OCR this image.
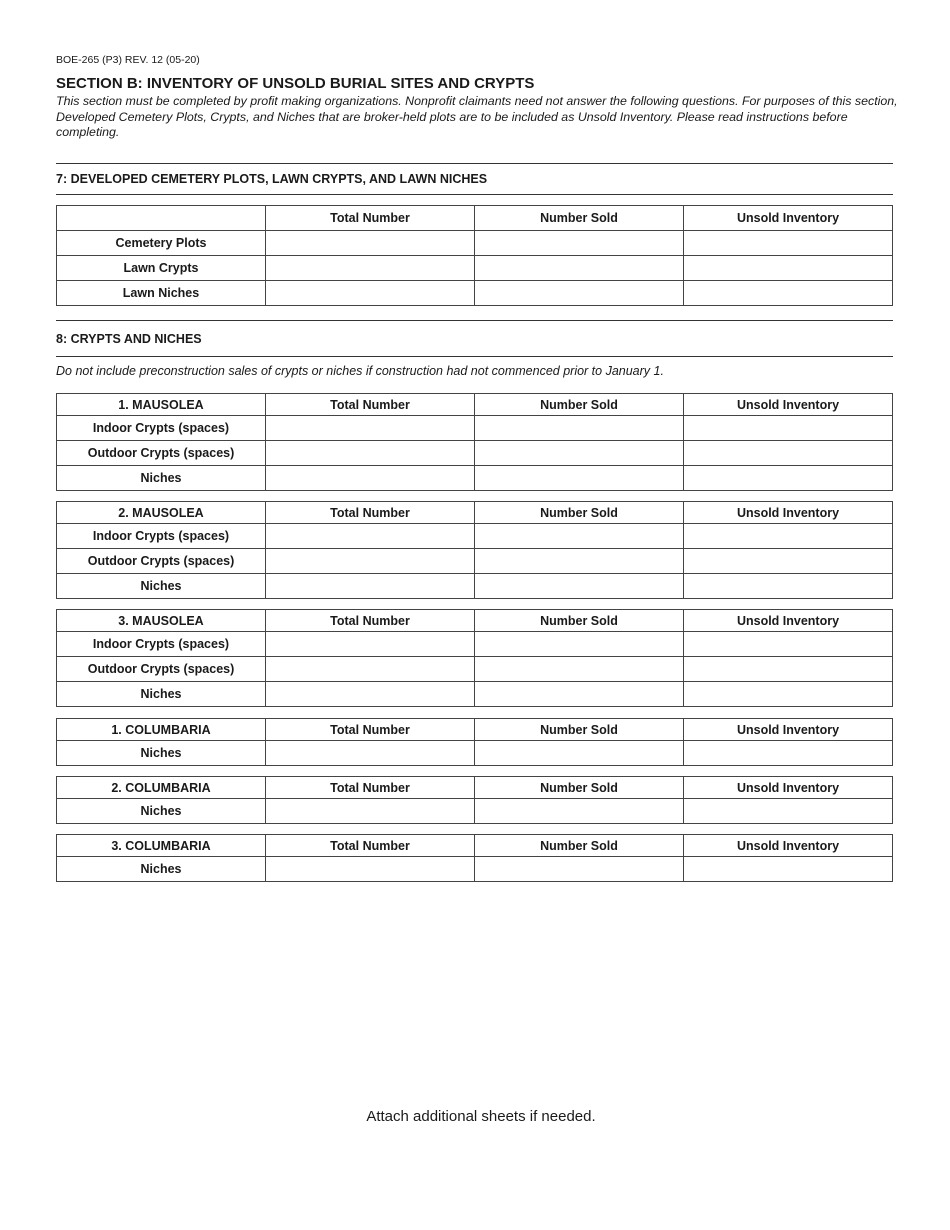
BOE-265 (P3) REV. 12 (05-20)
SECTION B: INVENTORY OF UNSOLD BURIAL SITES AND CRYPTS
This section must be completed by profit making organizations. Nonprofit claimants need not answer the following questions. For purposes of this section, Developed Cemetery Plots, Crypts, and Niches that are broker-held plots are to be included as Unsold Inventory. Please read instructions before completing.
7: DEVELOPED CEMETERY PLOTS, LAWN CRYPTS, AND LAWN NICHES
	Total Number	Number Sold	Unsold Inventory
Cemetery Plots			
Lawn Crypts			
Lawn Niches			
8: CRYPTS AND NICHES
Do not include preconstruction sales of crypts or niches if construction had not commenced prior to January 1.
1. MAUSOLEA	Total Number	Number Sold	Unsold Inventory
Indoor Crypts (spaces)			
Outdoor Crypts (spaces)			
Niches			
2. MAUSOLEA	Total Number	Number Sold	Unsold Inventory
Indoor Crypts (spaces)			
Outdoor Crypts (spaces)			
Niches			
3. MAUSOLEA	Total Number	Number Sold	Unsold Inventory
Indoor Crypts (spaces)			
Outdoor Crypts (spaces)			
Niches			
1. COLUMBARIA	Total Number	Number Sold	Unsold Inventory
Niches			
2. COLUMBARIA	Total Number	Number Sold	Unsold Inventory
Niches			
3. COLUMBARIA	Total Number	Number Sold	Unsold Inventory
Niches			
Attach additional sheets if needed.
